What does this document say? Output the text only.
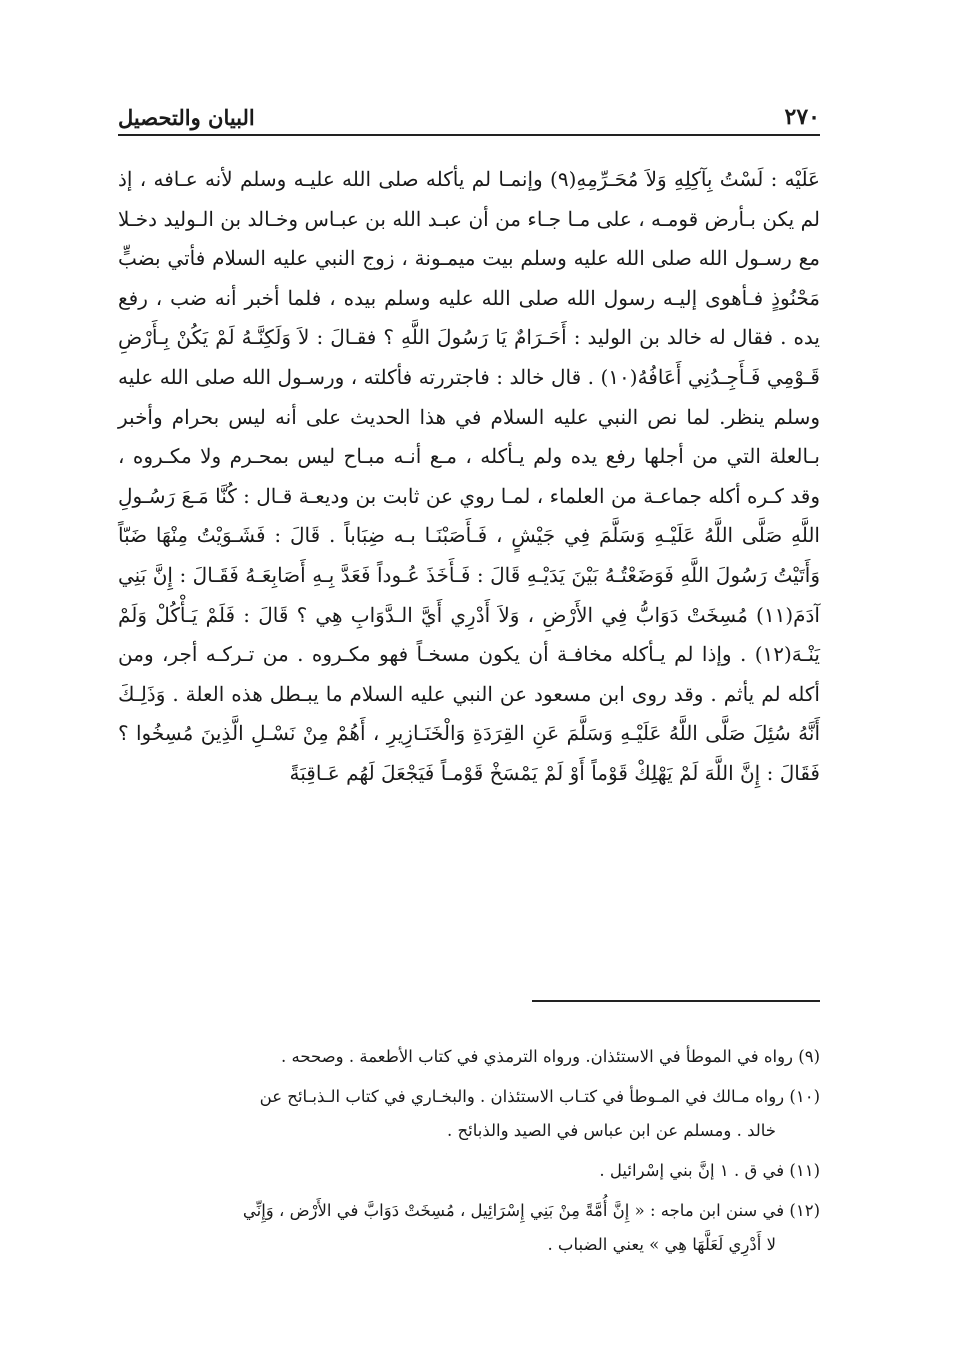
٢٧٠
البيان والتحصيل

عَلَيْه : لَسْتُ بِآكِلِهِ وَلاَ مُحَـرِّمِهِ(٩) وإنمـا لم يأكله صلى الله عليـه وسلم لأنه عـافه ، إذ لم يكن بـأرض قومـه ، على مـا جـاء من أن عبـد الله بن عبـاس وخـالد بن الـوليد دخـلا مع رسـول الله صلى الله عليه وسلم بيت ميمـونة ، زوج النبي عليه السلام فأتي بضبٍّ مَحْنُوذٍ فـأهوى إليـه رسول الله صلى الله عليه وسلم بيده ، فلما أخبر أنه ضب ، رفع يده . فقال له خالد بن الوليد : أَحَـرَامٌ يَا رَسُولَ اللَّهِ ؟ فقـالَ : لاَ وَلَكِنَّـهُ لَمْ يَكُنْ بِـأَرْضِ قَـوْمِي فَـأَجِـدُنِي أَعَافُهُ(١٠) . قال خالد : فاجتررته فأكلته ، ورسـول الله صلى الله عليه وسلم ينظر. لما نص النبي عليه السلام في هذا الحديث على أنه ليس بحرام وأخبر بـالعلة التي من أجلها رفع يده ولم يـأكله ، مـع أنـه مبـاح ليس بمحـرم ولا مكـروه ، وقد كـره أكله جماعـة من العلماء ، لمـا روي عن ثابت بن وديعـة قـال : كُنَّا مَـعَ رَسُـولِ اللَّهِ صَلَّى اللَّهُ عَلَيْـهِ وَسَلَّمَ فِي جَيْشٍ ، فَـأَصَبْنَـا بـه ضِبَاباً . قَالَ : فَشَـوَيْتُ مِنْهَا ضَبّاً وَأَتَيْتُ رَسُولَ اللَّهِ فَوَضَعْتُـهُ بَيْنَ يَدَيْـهِ قَالَ : فَـأَخَذَ عُـوداً فَعَدَّ بِـهِ أَصَابِعَـهُ فَقَـالَ : إِنَّ بَنِي آدَمَ(١١) مُسِخَتْ دَوَابُّ فِي الأَرْضِ ، وَلاَ أَدْرِي أَيَّ الـدَّوَابِ هِي ؟ قَالَ : فَلَمْ يَـأْكُلْ وَلَمْ يَنْـهَ(١٢) . وإذا لم يـأكله مخافـة أن يكون مسخـاً فهو مكـروه . من تـركـه أجر، ومن أكله لم يأثم . وقد روى ابن مسعود عن النبي عليه السلام ما يبـطل هذه العلة . وَذَلِـكَ أَنَّهُ سُئِلَ صَلَّى اللَّهُ عَلَيْـهِ وَسَلَّمَ عَنِ القِرَدَةِ وَالْخَنَـازِيرِ ، أَهُمْ مِنْ نَسْـلِ الَّذِينَ مُسِخُوا ؟ فَقَالَ : إِنَّ اللَّهَ لَمْ يَهْلِكْ قَوْماً أَوْ لَمْ يَمْسَخْ قَوْمـاً فَيَجْعَلَ لَهُم عَـاقِبَةً

(٩) رواه في الموطأ في الاستئذان. ورواه الترمذي في كتاب الأطعمة . وصححه .

(١٠) رواه مـالك في المـوطأ في كتـاب الاستئذان . والبخـاري في كتاب الـذبـائح عن
خالد . ومسلم عن ابن عباس في الصيد والذبائح .

(١١) في ق . ١ إنَّ بني إسْرائيل .

(١٢) في سنن ابن ماجه : « إِنَّ أُمَّةً مِنْ بَنِي إِسْرَائِيل ، مُسِخَتْ دَوَابَّ في الأَرْض ، وَإِنِّي
لا أَدْرِي لَعَلَّهَا هِي » يعني الضباب .
